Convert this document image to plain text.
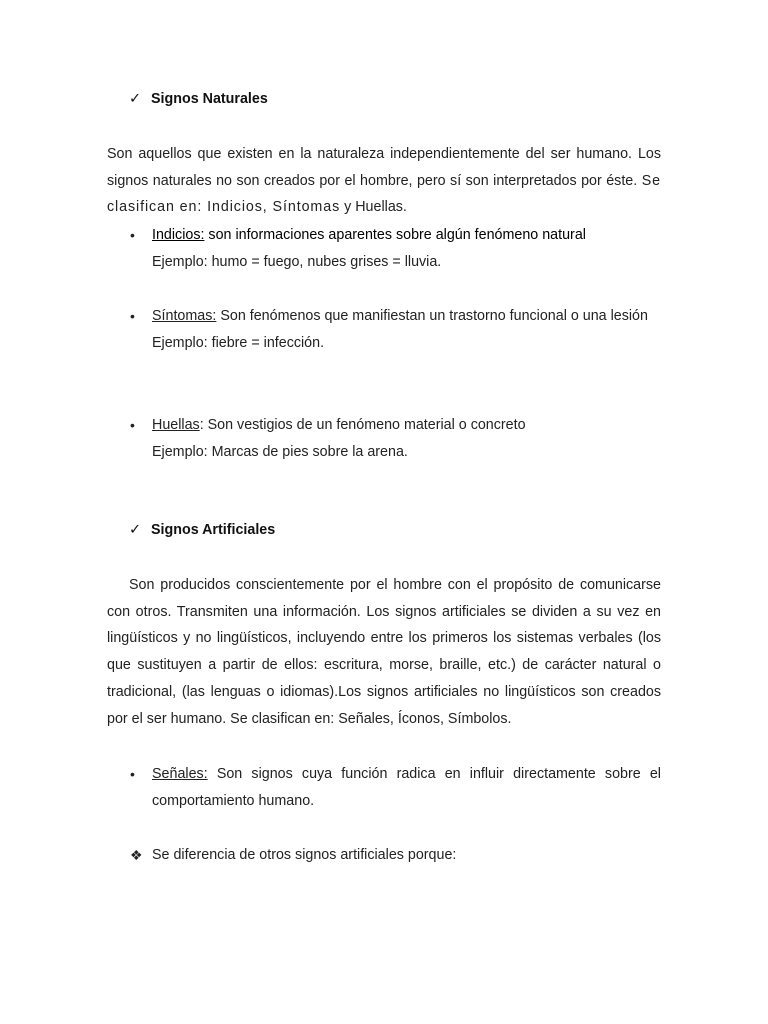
✓ Signos Naturales

Son aquellos que existen en la naturaleza independientemente del ser humano. Los signos naturales no son creados por el hombre, pero sí son interpretados por éste. Se clasifican en: Indicios, Síntomas y Huellas.

• Indicios: son informaciones aparentes sobre algún fenómeno natural
Ejemplo: humo = fuego, nubes grises = lluvia.
• Síntomas: Son fenómenos que manifiestan un trastorno funcional o una lesión
Ejemplo: fiebre = infección.
• Huellas: Son vestigios de un fenómeno material o concreto
Ejemplo: Marcas de pies sobre la arena.
✓ Signos Artificiales

Son producidos conscientemente por el hombre con el propósito de comunicarse con otros. Transmiten una información. Los signos artificiales se dividen a su vez en lingüísticos y no lingüísticos, incluyendo entre los primeros los sistemas verbales (los que sustituyen a partir de ellos: escritura, morse, braille, etc.) de carácter natural o tradicional, (las lenguas o idiomas).Los signos artificiales no lingüísticos son creados por el ser humano. Se clasifican en: Señales, Íconos, Símbolos.

• Señales: Son signos cuya función radica en influir directamente sobre el comportamiento humano.
❖ Se diferencia de otros signos artificiales porque:
